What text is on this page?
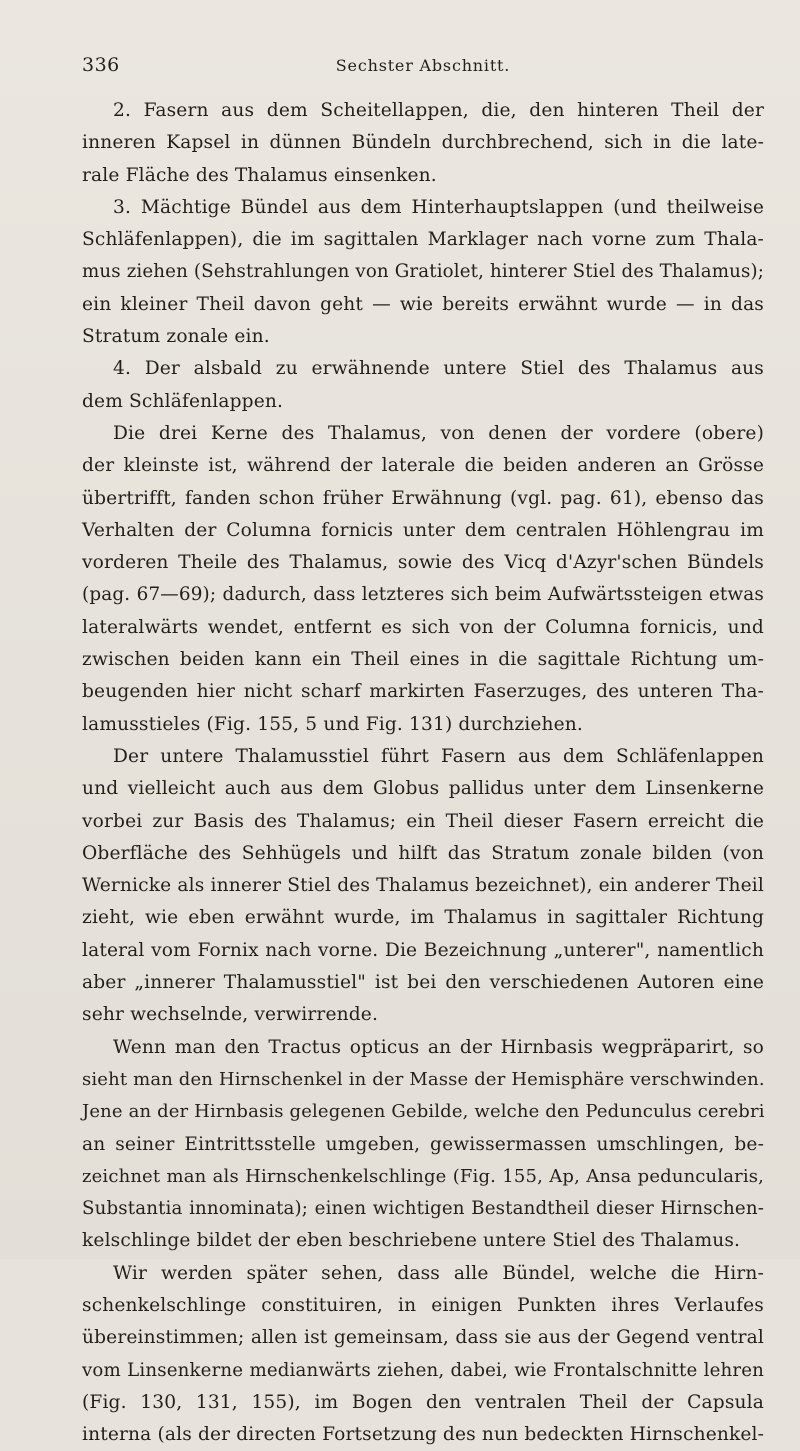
336	Sechster Abschnitt.
2. Fasern aus dem Scheitellappen, die, den hinteren Theil der
inneren Kapsel in dünnen Bündeln durchbrechend, sich in die late-
rale Fläche des Thalamus einsenken.
3. Mächtige Bündel aus dem Hinterhauptslappen (und theilweise
Schläfenlappen), die im sagittalen Marklager nach vorne zum Thala-
mus ziehen (Sehstrahlungen von Gratiolet, hinterer Stiel des Thalamus);
ein kleiner Theil davon geht — wie bereits erwähnt wurde — in das
Stratum zonale ein.
4. Der alsbald zu erwähnende untere Stiel des Thalamus aus
dem Schläfenlappen.
Die drei Kerne des Thalamus, von denen der vordere (obere)
der kleinste ist, während der laterale die beiden anderen an Grösse
übertrifft, fanden schon früher Erwähnung (vgl. pag. 61), ebenso das
Verhalten der Columna fornicis unter dem centralen Höhlengrau im
vorderen Theile des Thalamus, sowie des Vicq d'Azyr'schen Bündels
(pag. 67—69); dadurch, dass letzteres sich beim Aufwärtssteigen etwas
lateralwärts wendet, entfernt es sich von der Columna fornicis, und
zwischen beiden kann ein Theil eines in die sagittale Richtung um-
beugenden hier nicht scharf markirten Faserzuges, des unteren Tha-
lamusstieles (Fig. 155, 5 und Fig. 131) durchziehen.
Der untere Thalamusstiel führt Fasern aus dem Schläfenlappen
und vielleicht auch aus dem Globus pallidus unter dem Linsenkerne
vorbei zur Basis des Thalamus; ein Theil dieser Fasern erreicht die
Oberfläche des Sehhügels und hilft das Stratum zonale bilden (von
Wernicke als innerer Stiel des Thalamus bezeichnet), ein anderer Theil
zieht, wie eben erwähnt wurde, im Thalamus in sagittaler Richtung
lateral vom Fornix nach vorne. Die Bezeichnung „unterer", namentlich
aber „innerer Thalamusstiel" ist bei den verschiedenen Autoren eine
sehr wechselnde, verwirrende.
Wenn man den Tractus opticus an der Hirnbasis wegpräparirt, so
sieht man den Hirnschenkel in der Masse der Hemisphäre verschwinden.
Jene an der Hirnbasis gelegenen Gebilde, welche den Pedunculus cerebri
an seiner Eintrittsstelle umgeben, gewissermassen umschlingen, be-
zeichnet man als Hirnschenkelschlinge (Fig. 155, Ap, Ansa peduncularis,
Substantia innominata); einen wichtigen Bestandtheil dieser Hirnschen-
kelschlinge bildet der eben beschriebene untere Stiel des Thalamus.
Wir werden später sehen, dass alle Bündel, welche die Hirn-
schenkelschlinge constituiren, in einigen Punkten ihres Verlaufes
übereinstimmen; allen ist gemeinsam, dass sie aus der Gegend ventral
vom Linsenkerne medianwärts ziehen, dabei, wie Frontalschnitte lehren
(Fig. 130, 131, 155), im Bogen den ventralen Theil der Capsula
interna (als der directen Fortsetzung des nun bedeckten Hirnschenkel-
